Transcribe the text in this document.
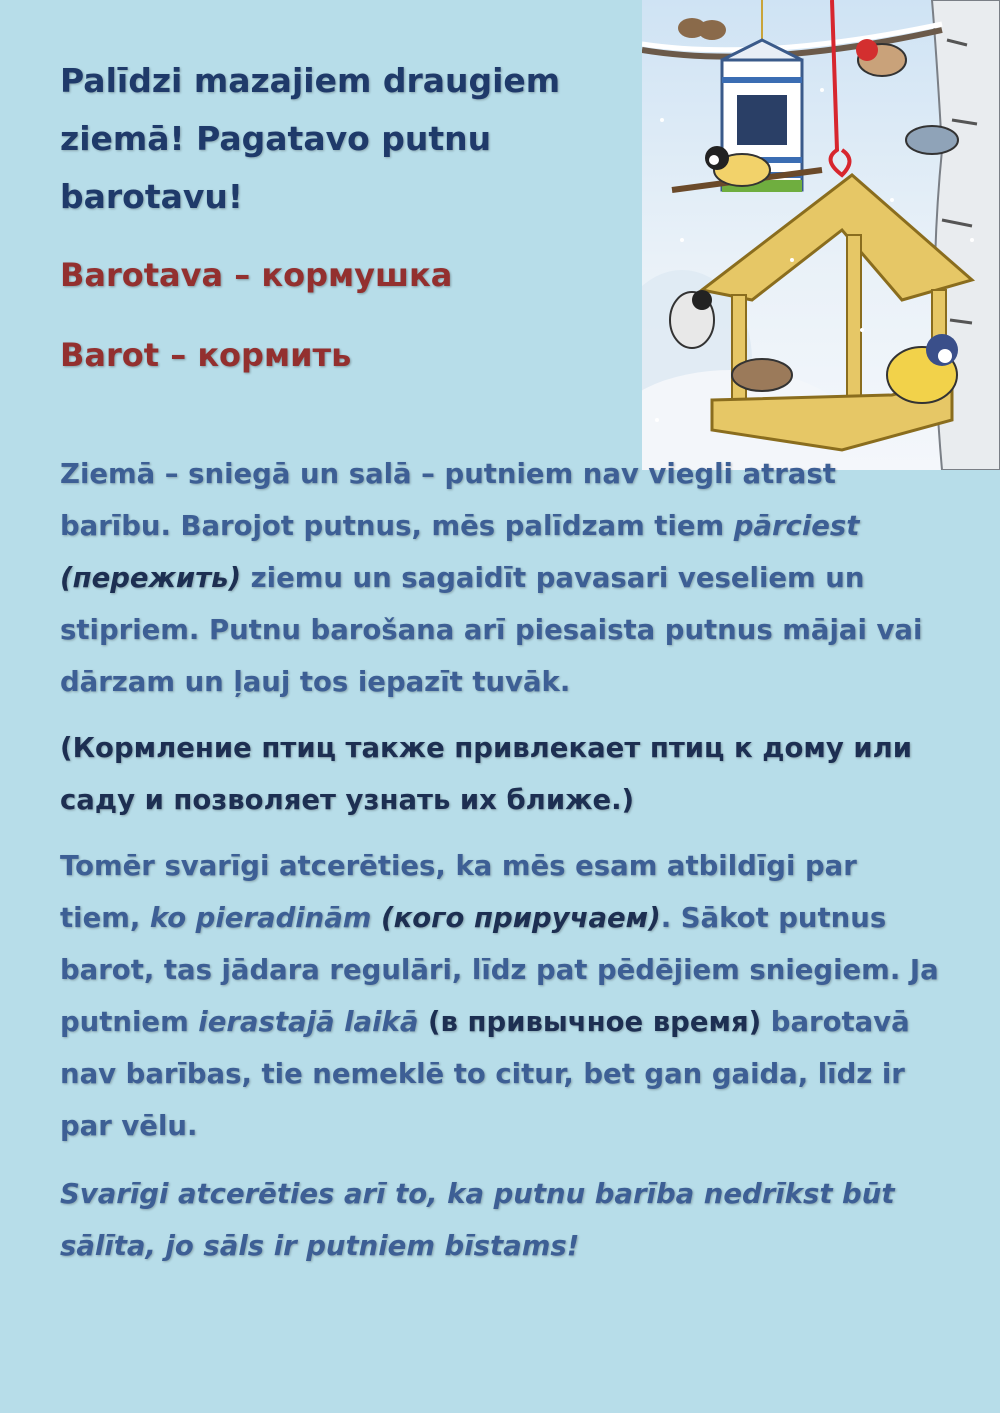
Palīdzi mazajiem draugiem ziemā! Pagatavo putnu barotavu!

Barotava – кормушка

Barot – кормить

Ziemā – sniegā un salā – putniem nav viegli atrast barību. Barojot putnus, mēs palīdzam tiem pārciest (пережить) ziemu un sagaidīt pavasari veseliem un stipriem. Putnu barošana arī piesaista putnus mājai vai dārzam un ļauj tos iepazīt tuvāk.

(Кормление птиц также привлекает птиц к дому или саду и позволяет узнать их ближе.)

Tomēr svarīgi atcerēties, ka mēs esam atbildīgi par tiem, ko pieradinām (кого приручаем). Sākot putnus barot, tas jādara regulāri, līdz pat pēdējiem sniegiem. Ja putniem ierastajā laikā (в привычное время) barotavā nav barības, tie nemeklē to citur, bet gan gaida, līdz ir par vēlu.

Svarīgi atcerēties arī to, ka putnu barība nedrīkst būt sālīta, jo sāls ir putniem bīstams!
